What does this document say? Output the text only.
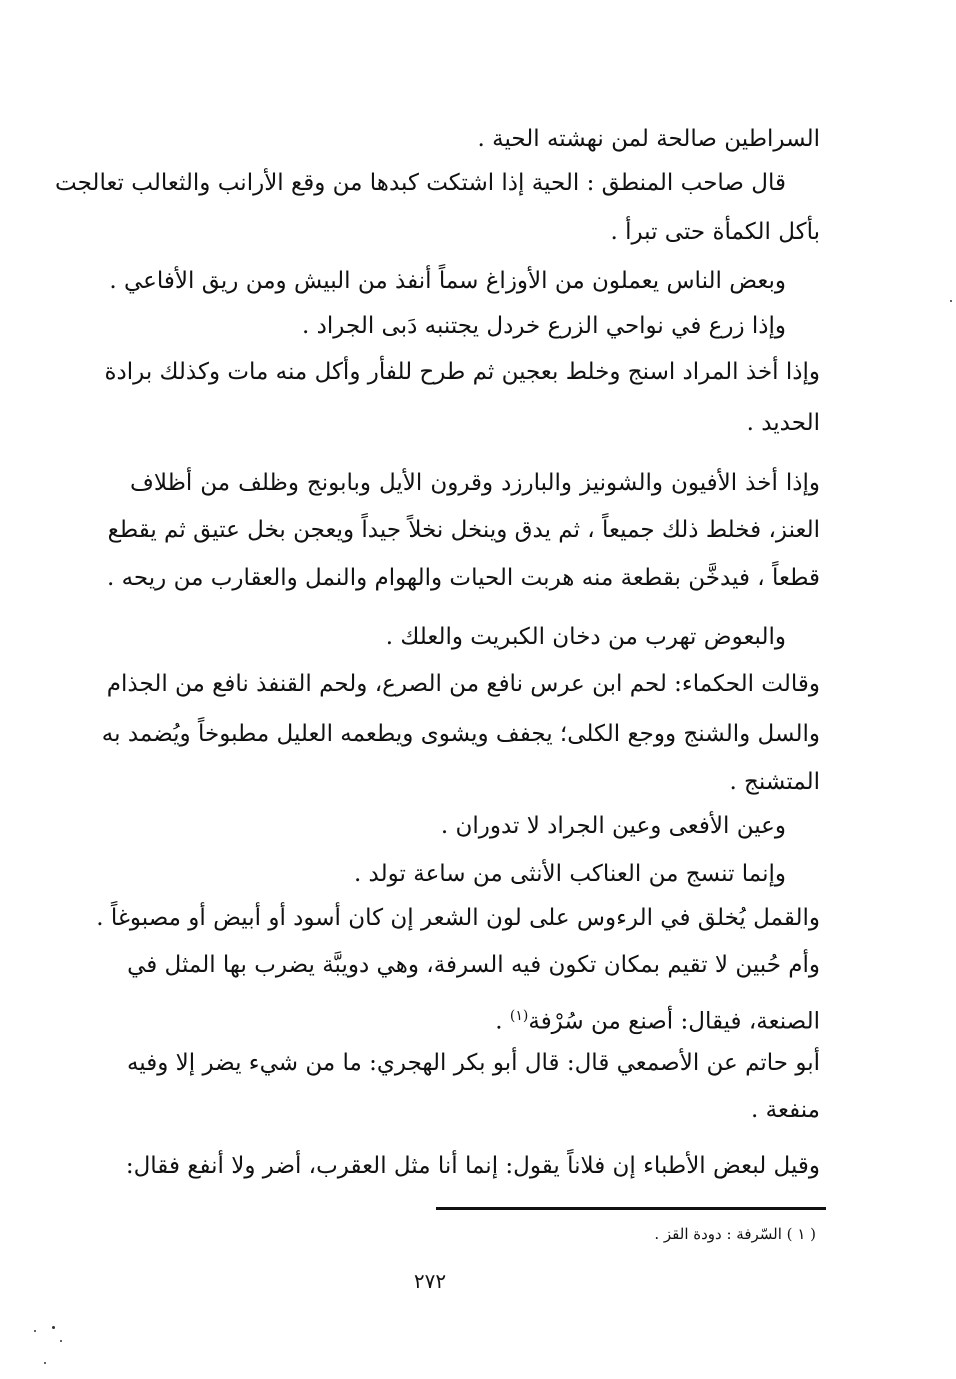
السراطين صالحة لمن نهشته الحية .
قال صاحب المنطق : الحية إذا اشتكت كبدها من وقع الأرانب والثعالب تعالجت
بأكل الكمأة حتى تبرأ .
وبعض الناس يعملون من الأوزاغ سماً أنفذ من البيش ومن ريق الأفاعي .
وإذا زرع في نواحي الزرع خردل يجتنبه دَبى الجراد .
وإذا أخذ المراد اسنج وخلط بعجين ثم طرح للفأر وأكل منه مات وكذلك برادة
الحديد .
وإذا أخذ الأفيون والشونيز والبارزد وقرون الأيل وبابونج وظلف من أظلاف
العنز، فخلط ذلك جميعاً ، ثم يدق وينخل نخلاً جيداً ويعجن بخل عتيق ثم يقطع
قطعاً ، فيدخَّن بقطعة منه هربت الحيات والهوام والنمل والعقارب من ريحه .
والبعوض تهرب من دخان الكبريت والعلك .
وقالت الحكماء: لحم ابن عرس نافع من الصرع، ولحم القنفذ نافع من الجذام
والسل والشنج ووجع الكلى؛ يجفف ويشوى ويطعمه العليل مطبوخاً ويُضمد به
المتشنج .
وعين الأفعى وعين الجراد لا تدوران .
وإنما تنسج من العناكب الأنثى من ساعة تولد .
والقمل يُخلق في الرءوس على لون الشعر إن كان أسود أو أبيض أو مصبوغاً .
وأم حُبين لا تقيم بمكان تكون فيه السرفة، وهي دويبَّة يضرب بها المثل في
الصنعة، فيقال: أصنع من سُرْفة$^{(١)}$ .
أبو حاتم عن الأصمعي قال: قال أبو بكر الهجري: ما من شيء يضر إلا وفيه
منفعة .
وقيل لبعض الأطباء إن فلاناً يقول: إنما أنا مثل العقرب، أضر ولا أنفع فقال:
( ١ ) السّرفة : دودة القز .
٢٧٢
